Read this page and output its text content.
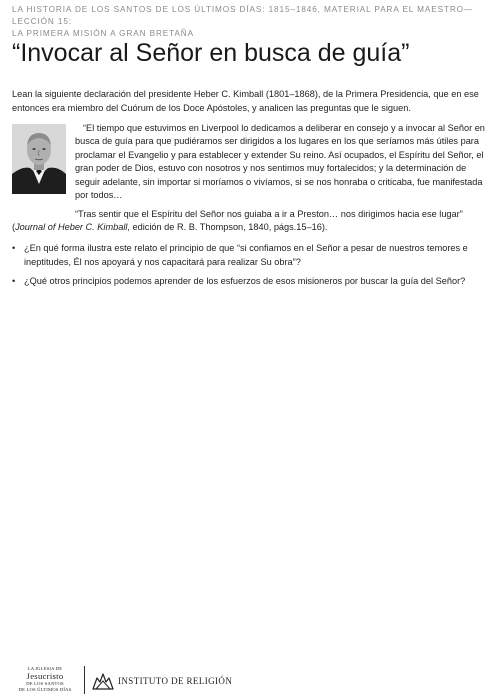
LA HISTORIA DE LOS SANTOS DE LOS ÚLTIMOS DÍAS: 1815–1846, MATERIAL PARA EL MAESTRO—LECCIÓN 15:
LA PRIMERA MISIÓN A GRAN BRETAÑA
“Invocar al Señor en busca de guía”

Lean la siguiente declaración del presidente Heber C. Kimball (1801–1868), de la Primera Presidencia, que en ese entonces era miembro del Cuórum de los Doce Apóstoles, y analicen las preguntas que le siguen.

“El tiempo que estuvimos en Liverpool lo dedicamos a deliberar en consejo y a invocar al Señor en busca de guía para que pudiéramos ser dirigidos a los lugares en los que seríamos más útiles para proclamar el Evangelio y para establecer y extender Su reino. Así ocupados, el Espíritu del Señor, el gran poder de Dios, estuvo con nosotros y nos sentimos muy fortalecidos; y la determinación de seguir adelante, sin importar si moríamos o vivíamos, si se nos honraba o criticaba, fue manifestada por todos…

“Tras sentir que el Espíritu del Señor nos guiaba a ir a Preston… nos dirigimos hacia ese lugar”
(Journal of Heber C. Kimball, edición de R. B. Thompson, 1840, págs.15–16).

• ¿En qué forma ilustra este relato el principio de que “si confiamos en el Señor a pesar de nuestros temores e ineptitudes, Él nos apoyará y nos capacitará para realizar Su obra”?
• ¿Qué otros principios podemos aprender de los esfuerzos de esos misioneros por buscar la guía del Señor?
LA IGLESIA DE
Jesucristo
DE LOS SANTOS
DE LOS ÚLTIMOS DÍAS
INSTITUTO DE RELIGIÓN
